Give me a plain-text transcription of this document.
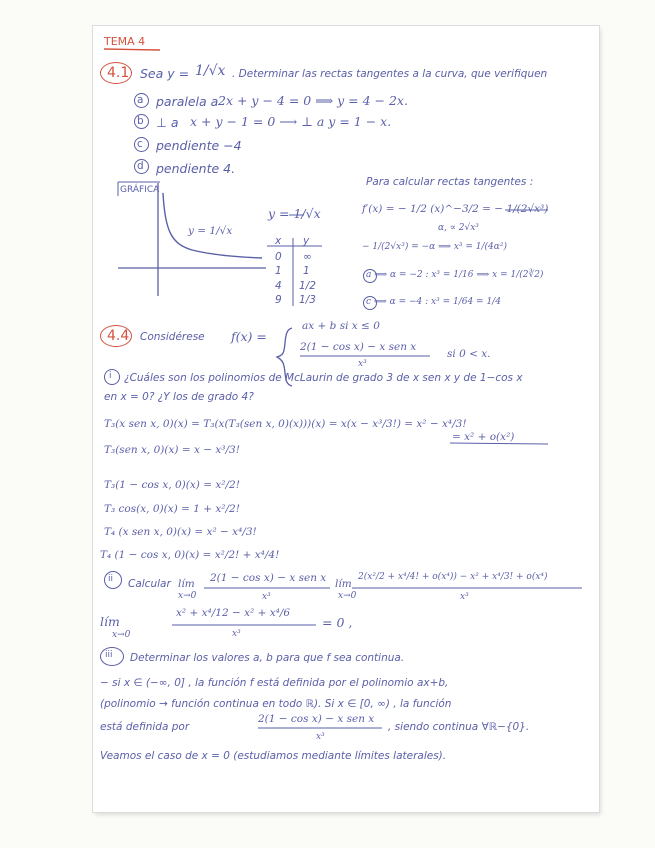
TEMA 4
4.1 Sea y = 1/√x . Determinar las rectas tangentes a la curva, que verifiquen
a paralela a 2x + y − 4 = 0 ⟹ y = 4 − 2x.
b ⊥ a x + y − 1 = 0 ⟶ ⊥ a y = 1 − x.
c pendiente −4
d pendiente 4.
GRÁFICA
y = 1/√x
y = 1/√x
x y
0 ∞
1 1
4 1/2
9 1/3
Para calcular rectas tangentes :
f′(x) = − 1/2 (x)^−3/2 = − 1/(2√x³)
α, ∝ 2√x³
− 1/(2√x³) = −α ⟹ x³ = 1/(4α²)
a ⟹ α = −2 : x³ = 1/16 ⟹ x = 1/(2∛2)
c ⟹ α = −4 : x³ = 1/64 = 1/4
4.4 Considérese f(x) =
ax + b si x ≤ 0
2(1 − cos x) − x sen x
x³
si 0 < x.
i ¿Cuáles son los polinomios de McLaurin de grado 3 de x sen x y de 1−cos x
en x = 0? ¿Y los de grado 4?
T₃(x sen x, 0)(x) = T₃(x(T₃(sen x, 0)(x)))(x) = x(x − x³/3!) = x² − x⁴/3!
= x² + o(x²)
T₃(sen x, 0)(x) = x − x³/3!
T₃(1 − cos x, 0)(x) = x²/2!
T₃ cos(x, 0)(x) = 1 + x²/2!
T₄ (x sen x, 0)(x) = x² − x⁴/3!
T₄ (1 − cos x, 0)(x) = x²/2! + x⁴/4!
ii Calcular lím
x→0
2(1 − cos x) − x sen x
x³
lím
x→0
2(x²/2 + x⁴/4! + o(x⁴)) − x² + x⁴/3! + o(x⁴)
x³
lím
x→0
x² + x⁴/12 − x² + x⁴/6
x³
= 0 ,
iii Determinar los valores a, b para que f sea continua.
− si x ∈ (−∞, 0] , la función f está definida por el polinomio ax+b,
(polinomio → función continua en todo ℝ). Si x ∈ [0, ∞) , la función
está definida por
2(1 − cos x) − x sen x
x³
, siendo continua ∀ℝ−{0}.
Veamos el caso de x = 0 (estudiamos mediante límites laterales).
